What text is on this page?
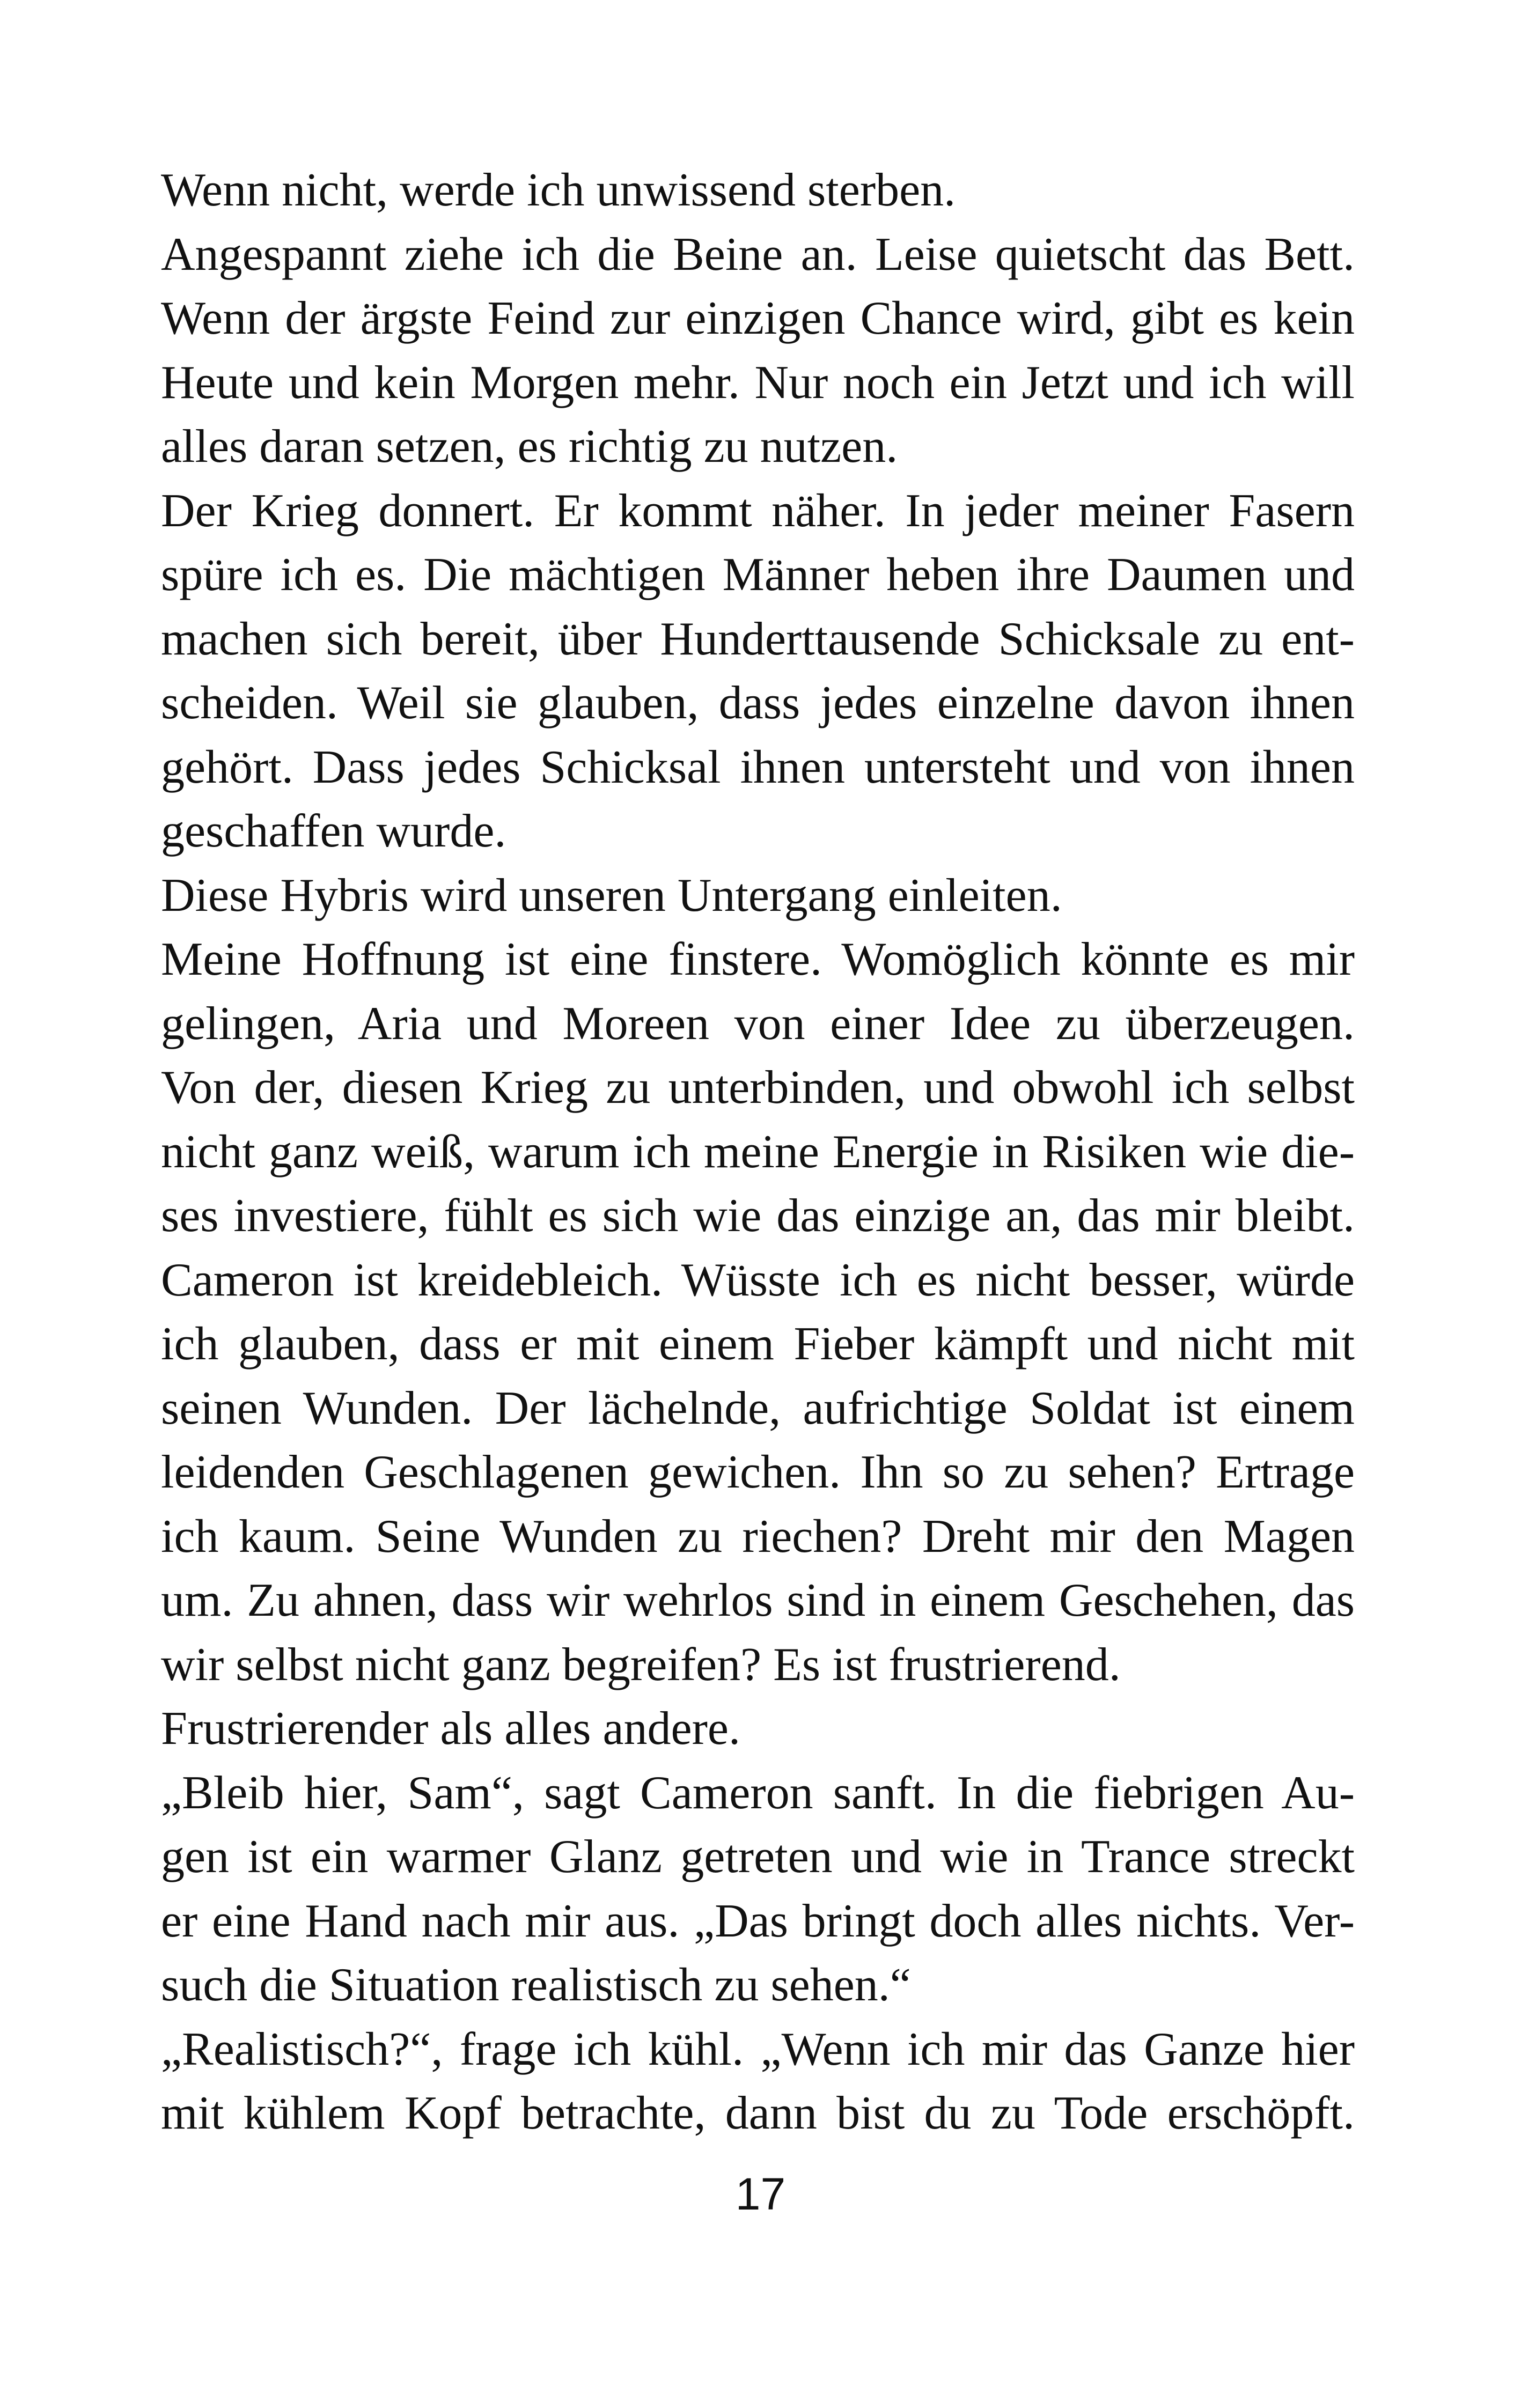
Wenn nicht, werde ich unwissend sterben.
Angespannt ziehe ich die Beine an. Leise quietscht das Bett.
Wenn der ärgste Feind zur einzigen Chance wird, gibt es kein
Heute und kein Morgen mehr. Nur noch ein Jetzt und ich will
alles daran setzen, es richtig zu nutzen.
Der Krieg donnert. Er kommt näher. In jeder meiner Fasern
spüre ich es. Die mächtigen Männer heben ihre Daumen und
machen sich bereit, über Hunderttausende Schicksale zu ent-
scheiden. Weil sie glauben, dass jedes einzelne davon ihnen
gehört. Dass jedes Schicksal ihnen untersteht und von ihnen
geschaffen wurde.
Diese Hybris wird unseren Untergang einleiten.
Meine Hoffnung ist eine finstere. Womöglich könnte es mir
gelingen, Aria und Moreen von einer Idee zu überzeugen.
Von der, diesen Krieg zu unterbinden, und obwohl ich selbst
nicht ganz weiß, warum ich meine Energie in Risiken wie die-
ses investiere, fühlt es sich wie das einzige an, das mir bleibt.
Cameron ist kreidebleich. Wüsste ich es nicht besser, würde
ich glauben, dass er mit einem Fieber kämpft und nicht mit
seinen Wunden. Der lächelnde, aufrichtige Soldat ist einem
leidenden Geschlagenen gewichen. Ihn so zu sehen? Ertrage
ich kaum. Seine Wunden zu riechen? Dreht mir den Magen
um. Zu ahnen, dass wir wehrlos sind in einem Geschehen, das
wir selbst nicht ganz begreifen? Es ist frustrierend.
Frustrierender als alles andere.
„Bleib hier, Sam“, sagt Cameron sanft. In die fiebrigen Au-
gen ist ein warmer Glanz getreten und wie in Trance streckt
er eine Hand nach mir aus. „Das bringt doch alles nichts. Ver-
such die Situation realistisch zu sehen.“
„Realistisch?“, frage ich kühl. „Wenn ich mir das Ganze hier
mit kühlem Kopf betrachte, dann bist du zu Tode erschöpft.
17
